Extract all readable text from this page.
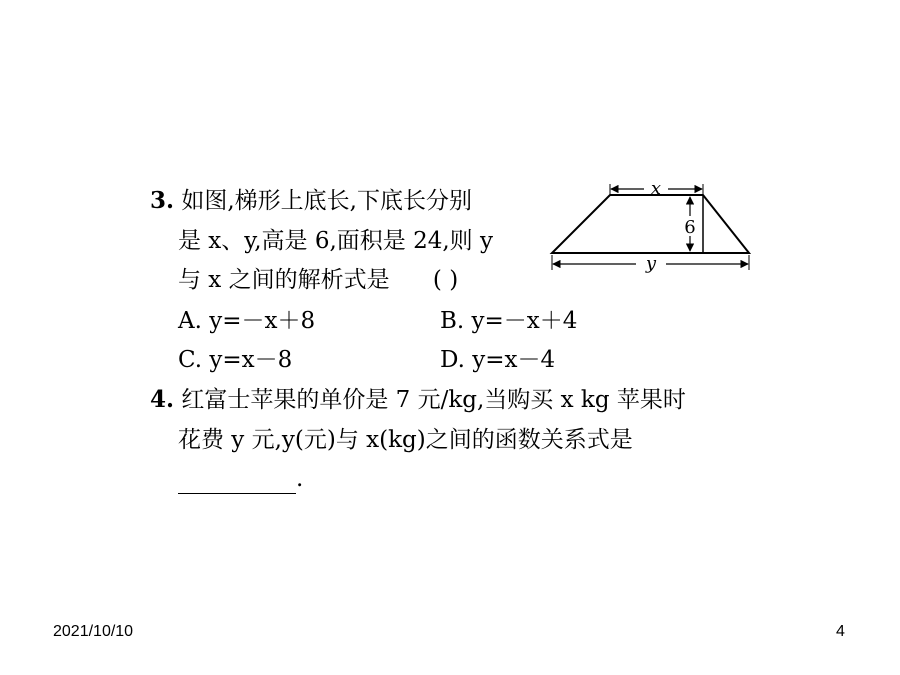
3. 如图,梯形上底长,下底长分别
是 x、y,高是 6,面积是 24,则 y
与 x 之间的解析式是 ( )
A. y=－x＋8	B. y=－x＋4
C. y=x－8	D. y=x－4
x
6
y
4. 红富士苹果的单价是 7 元/kg,当购买 x kg 苹果时
花费 y 元,y(元)与 x(kg)之间的函数关系式是
.
2021/10/10	4
